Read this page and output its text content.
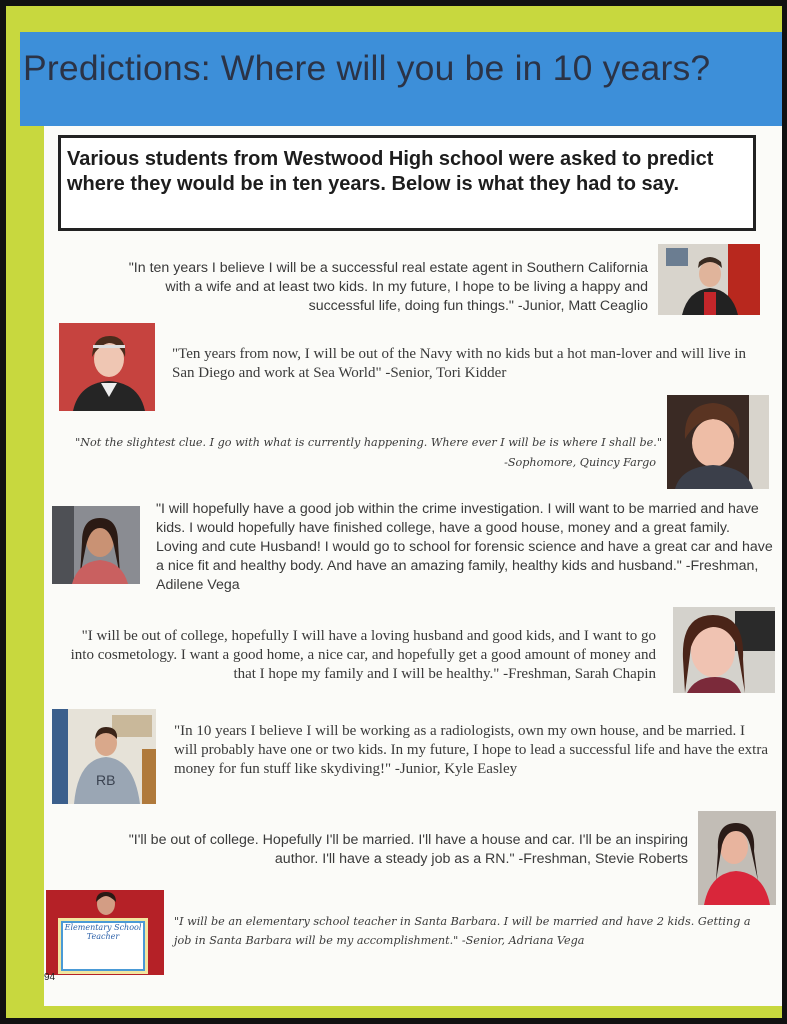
Predictions: Where will you be in 10 years?

Various students from Westwood High school were asked to predict where they would be in ten years. Below is what they had to say.

"In ten years I believe I will be a successful real estate agent in Southern California with a wife and at least two kids. In my future, I hope to be living a happy and successful life, doing fun things." -Junior, Matt Ceaglio

"Ten years from now, I will be out of the Navy with no kids but a hot man-lover and will live in San Diego and work at Sea World" -Senior, Tori Kidder

"Not the slightest clue. I go with what is currently happening. Where ever I will be is where I shall be."

-Sophomore, Quincy Fargo

"I will hopefully have a good job within the crime investigation. I will want to be married and have kids. I would hopefully have finished college, have a good house, money and a great family. Loving and cute Husband! I would go to school for forensic science and have a great car and have a nice fit and healthy body. And have an amazing family, healthy kids and husband." -Freshman, Adilene Vega

"I will be out of college, hopefully I will have a loving husband and good kids, and I want to go into cosmetology. I want a good home, a nice car, and hopefully get a good amount of money and that I hope my family and I will be healthy." -Freshman, Sarah Chapin

RB

"In 10 years I believe I will be working as a radiologists, own my own house, and be married. I will probably have one or two kids. In my future, I hope to lead a successful life and have the extra money for fun stuff like skydiving!" -Junior, Kyle Easley

"I'll be out of college. Hopefully I'll be married. I'll have a house and car. I'll be an inspiring author. I'll have a steady job as a RN." -Freshman, Stevie Roberts

Elementary School
Teacher

"I will be an elementary school teacher in Santa Barbara. I will be married and have 2 kids. Getting a job in Santa Barbara will be my accomplishment." -Senior, Adriana Vega

94
